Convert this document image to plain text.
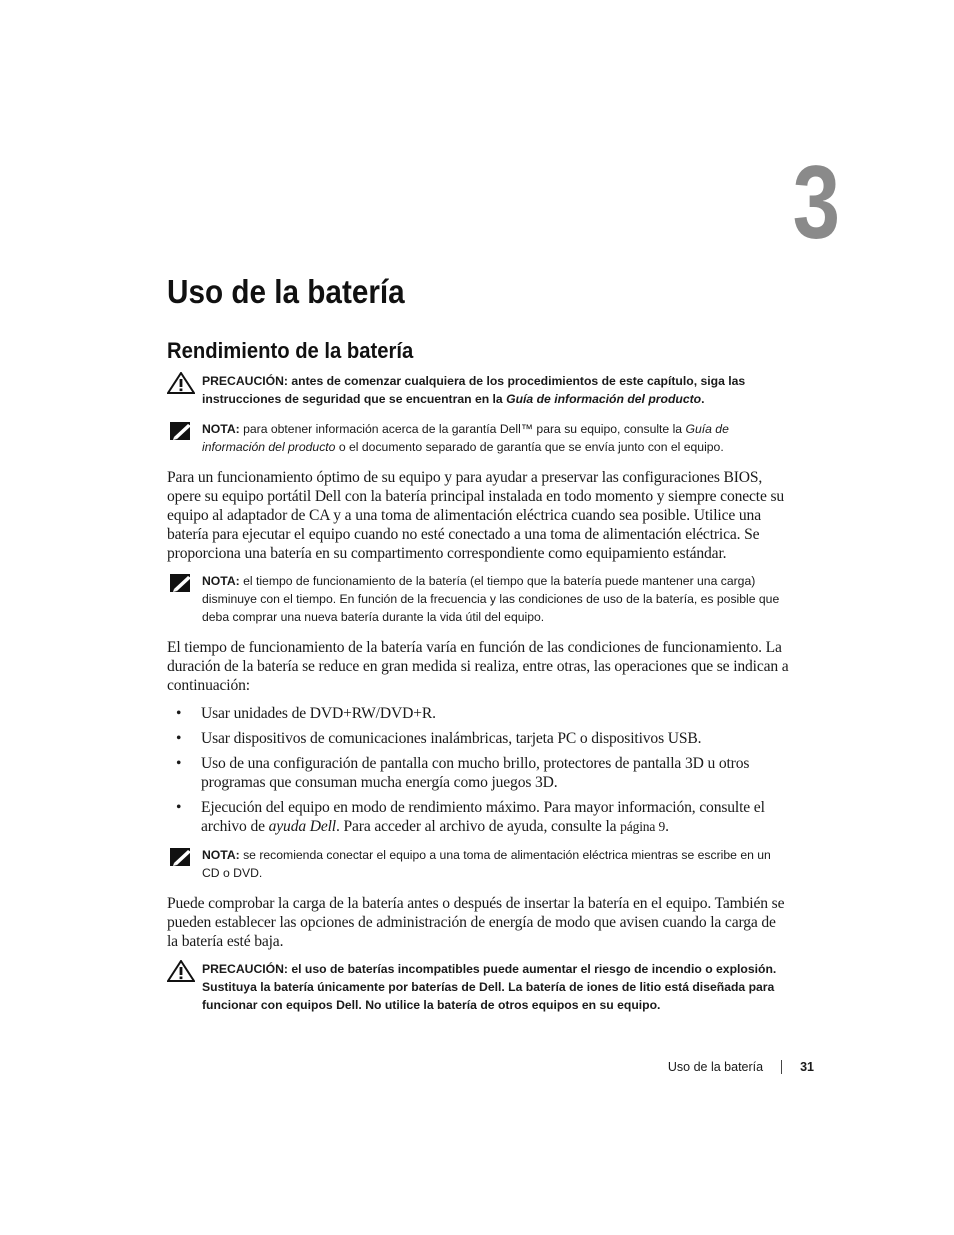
3
Uso de la batería
Rendimiento de la batería
PRECAUCIÓN: antes de comenzar cualquiera de los procedimientos de este capítulo, siga las instrucciones de seguridad que se encuentran en la Guía de información del producto.
NOTA: para obtener información acerca de la garantía Dell™ para su equipo, consulte la Guía de información del producto o el documento separado de garantía que se envía junto con el equipo.

Para un funcionamiento óptimo de su equipo y para ayudar a preservar las configuraciones BIOS, opere su equipo portátil Dell con la batería principal instalada en todo momento y siempre conecte su equipo al adaptador de CA y a una toma de alimentación eléctrica cuando sea posible. Utilice una batería para ejecutar el equipo cuando no esté conectado a una toma de alimentación eléctrica. Se proporciona una batería en su compartimento correspondiente como equipamiento estándar.

NOTA: el tiempo de funcionamiento de la batería (el tiempo que la batería puede mantener una carga) disminuye con el tiempo. En función de la frecuencia y las condiciones de uso de la batería, es posible que deba comprar una nueva batería durante la vida útil del equipo.

El tiempo de funcionamiento de la batería varía en función de las condiciones de funcionamiento. La duración de la batería se reduce en gran medida si realiza, entre otras, las operaciones que se indican a continuación:

• Usar unidades de DVD+RW/DVD+R.
• Usar dispositivos de comunicaciones inalámbricas, tarjeta PC o dispositivos USB.
• Uso de una configuración de pantalla con mucho brillo, protectores de pantalla 3D u otros programas que consuman mucha energía como juegos 3D.
• Ejecución del equipo en modo de rendimiento máximo. Para mayor información, consulte el archivo de ayuda Dell. Para acceder al archivo de ayuda, consulte la página 9.
NOTA: se recomienda conectar el equipo a una toma de alimentación eléctrica mientras se escribe en un CD o DVD.

Puede comprobar la carga de la batería antes o después de insertar la batería en el equipo. También se pueden establecer las opciones de administración de energía de modo que avisen cuando la carga de la batería esté baja.

PRECAUCIÓN: el uso de baterías incompatibles puede aumentar el riesgo de incendio o explosión. Sustituya la batería únicamente por baterías de Dell. La batería de iones de litio está diseñada para funcionar con equipos Dell. No utilice la batería de otros equipos en su equipo.
Uso de la batería	31
